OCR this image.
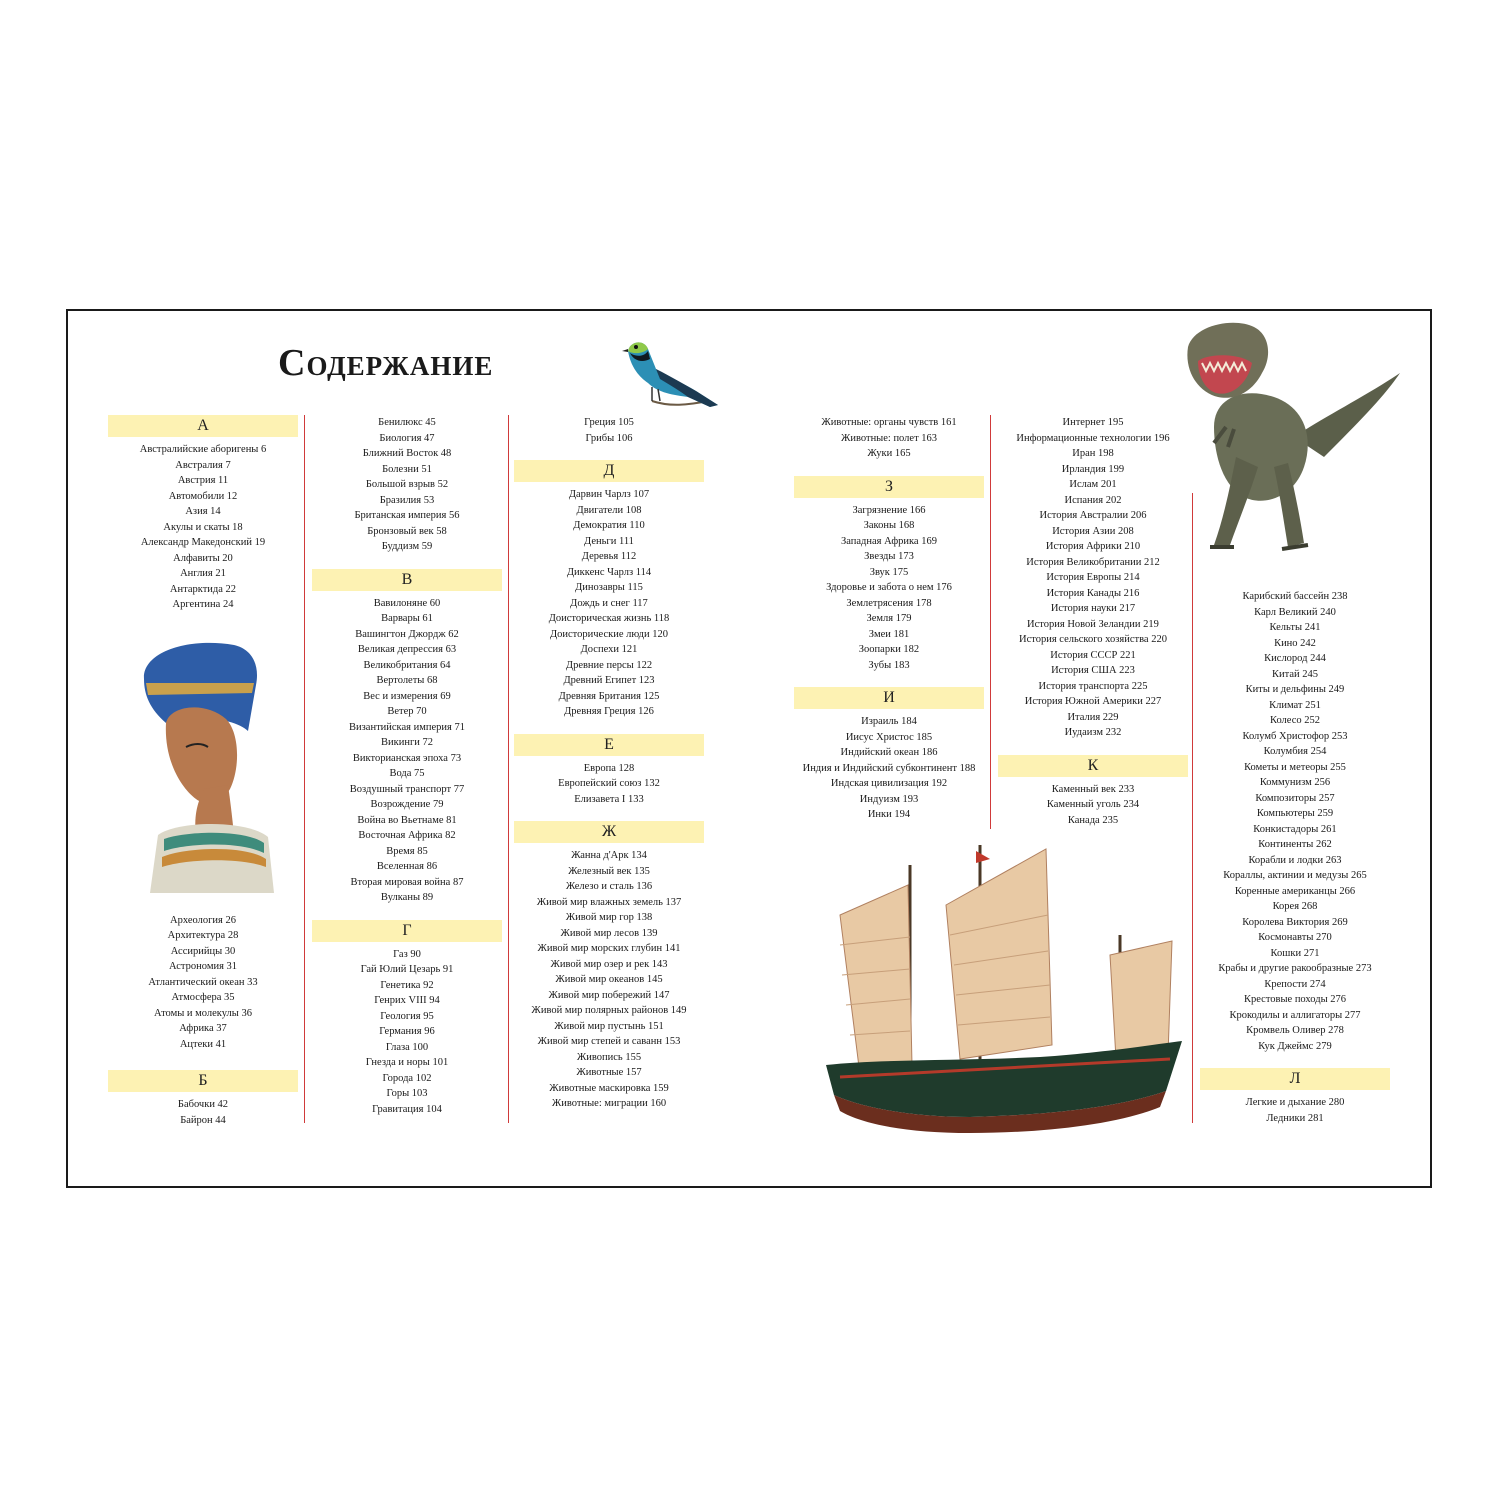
Содержание
А
Австралийские аборигены 6
Австралия 7
Австрия 11
Автомобили 12
Азия 14
Акулы и скаты 18
Александр Македонский 19
Алфавиты 20
Англия 21
Антарктида 22
Аргентина 24
Археология 26
Архитектура 28
Ассирийцы 30
Астрономия 31
Атлантический океан 33
Атмосфера 35
Атомы и молекулы 36
Африка 37
Ацтеки 41
Б
Бабочки 42
Байрон 44
Бенилюкс 45
Биология 47
Ближний Восток 48
Болезни 51
Большой взрыв 52
Бразилия 53
Британская империя 56
Бронзовый век 58
Буддизм 59
В
Вавилоняне 60
Варвары 61
Вашингтон Джордж 62
Великая депрессия 63
Великобритания 64
Вертолеты 68
Вес и измерения 69
Ветер 70
Византийская империя 71
Викинги 72
Викторианская эпоха 73
Вода 75
Воздушный транспорт 77
Возрождение 79
Война во Вьетнаме 81
Восточная Африка 82
Время 85
Вселенная 86
Вторая мировая война 87
Вулканы 89
Г
Газ 90
Гай Юлий Цезарь 91
Генетика 92
Генрих VIII 94
Геология 95
Германия 96
Глаза 100
Гнезда и норы 101
Города 102
Горы 103
Гравитация 104
Греция 105
Грибы 106
Д
Дарвин Чарлз 107
Двигатели 108
Демократия 110
Деньги 111
Деревья 112
Диккенс Чарлз 114
Динозавры 115
Дождь и снег 117
Доисторическая жизнь 118
Доисторические люди 120
Доспехи 121
Древние персы 122
Древний Египет 123
Древняя Британия 125
Древняя Греция 126
Е
Европа 128
Европейский союз 132
Елизавета I 133
Ж
Жанна д'Арк 134
Железный век 135
Железо и сталь 136
Живой мир влажных земель 137
Живой мир гор 138
Живой мир лесов 139
Живой мир морских глубин 141
Живой мир озер и рек 143
Живой мир океанов 145
Живой мир побережий 147
Живой мир полярных районов 149
Живой мир пустынь 151
Живой мир степей и саванн 153
Живопись 155
Животные 157
Животные маскировка 159
Животные: миграции 160
Животные: органы чувств 161
Животные: полет 163
Жуки 165
З
Загрязнение 166
Законы 168
Западная Африка 169
Звезды 173
Звук 175
Здоровье и забота о нем 176
Землетрясения 178
Земля 179
Змеи 181
Зоопарки 182
Зубы 183
И
Израиль 184
Иисус Христос 185
Индийский океан 186
Индия и Индийский субконтинент 188
Индская цивилизация 192
Индуизм 193
Инки 194
Интернет 195
Информационные технологии 196
Иран 198
Ирландия 199
Ислам 201
Испания 202
История Австралии 206
История Азии 208
История Африки 210
История Великобритании 212
История Европы 214
История Канады 216
История науки 217
История Новой Зеландии 219
История сельского хозяйства 220
История СССР 221
История США 223
История транспорта 225
История Южной Америки 227
Италия 229
Иудаизм 232
К
Каменный век 233
Каменный уголь 234
Канада 235
Карибский бассейн 238
Карл Великий 240
Кельты 241
Кино 242
Кислород 244
Китай 245
Киты и дельфины 249
Климат 251
Колесо 252
Колумб Христофор 253
Колумбия 254
Кометы и метеоры 255
Коммунизм 256
Композиторы 257
Компьютеры 259
Конкистадоры 261
Континенты 262
Корабли и лодки 263
Кораллы, актинии и медузы 265
Коренные американцы 266
Корея 268
Королева Виктория 269
Космонавты 270
Кошки 271
Крабы и другие ракообразные 273
Крепости 274
Крестовые походы 276
Крокодилы и аллигаторы 277
Кромвель Оливер 278
Кук Джеймс 279
Л
Легкие и дыхание 280
Ледники 281
